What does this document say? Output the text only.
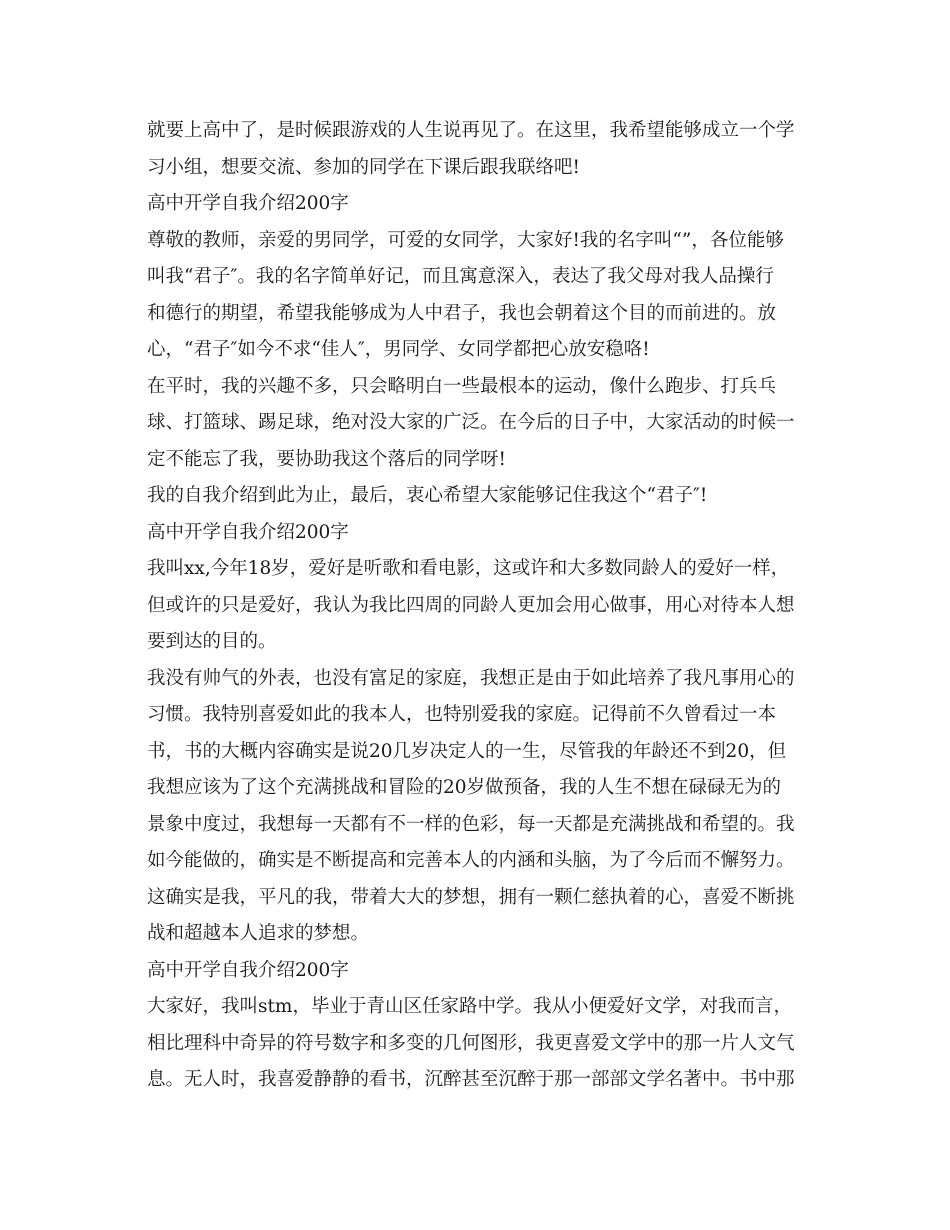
就要上高中了，是时候跟游戏的人生说再见了。在这里，我希望能够成立一个学

习小组，想要交流、参加的同学在下课后跟我联络吧!

高中开学自我介绍200字

尊敬的教师，亲爱的男同学，可爱的女同学，大家好!我的名字叫“”，各位能够

叫我“君子″。我的名字简单好记，而且寓意深入，表达了我父母对我人品操行

和德行的期望，希望我能够成为人中君子，我也会朝着这个目的而前进的。放

心，“君子″如今不求“佳人″，男同学、女同学都把心放安稳咯!

在平时，我的兴趣不多，只会略明白一些最根本的运动，像什么跑步、打兵乓

球、打篮球、踢足球，绝对没大家的广泛。在今后的日子中，大家活动的时候一

定不能忘了我，要协助我这个落后的同学呀!

我的自我介绍到此为止，最后，衷心希望大家能够记住我这个“君子″!

高中开学自我介绍200字

我叫xx,今年18岁，爱好是听歌和看电影，这或许和大多数同龄人的爱好一样，

但或许的只是爱好，我认为我比四周的同龄人更加会用心做事，用心对待本人想

要到达的目的。

我没有帅气的外表，也没有富足的家庭，我想正是由于如此培养了我凡事用心的

习惯。我特别喜爱如此的我本人，也特别爱我的家庭。记得前不久曾看过一本

书，书的大概内容确实是说20几岁决定人的一生，尽管我的年龄还不到20，但

我想应该为了这个充满挑战和冒险的20岁做预备，我的人生不想在碌碌无为的

景象中度过，我想每一天都有不一样的色彩，每一天都是充满挑战和希望的。我

如今能做的，确实是不断提高和完善本人的内涵和头脑，为了今后而不懈努力。

这确实是我，平凡的我，带着大大的梦想，拥有一颗仁慈执着的心，喜爱不断挑

战和超越本人追求的梦想。

高中开学自我介绍200字

大家好，我叫stm，毕业于青山区任家路中学。我从小便爱好文学，对我而言，

相比理科中奇异的符号数字和多变的几何图形，我更喜爱文学中的那一片人文气

息。无人时，我喜爱静静的看书，沉醉甚至沉醉于那一部部文学名著中。书中那
